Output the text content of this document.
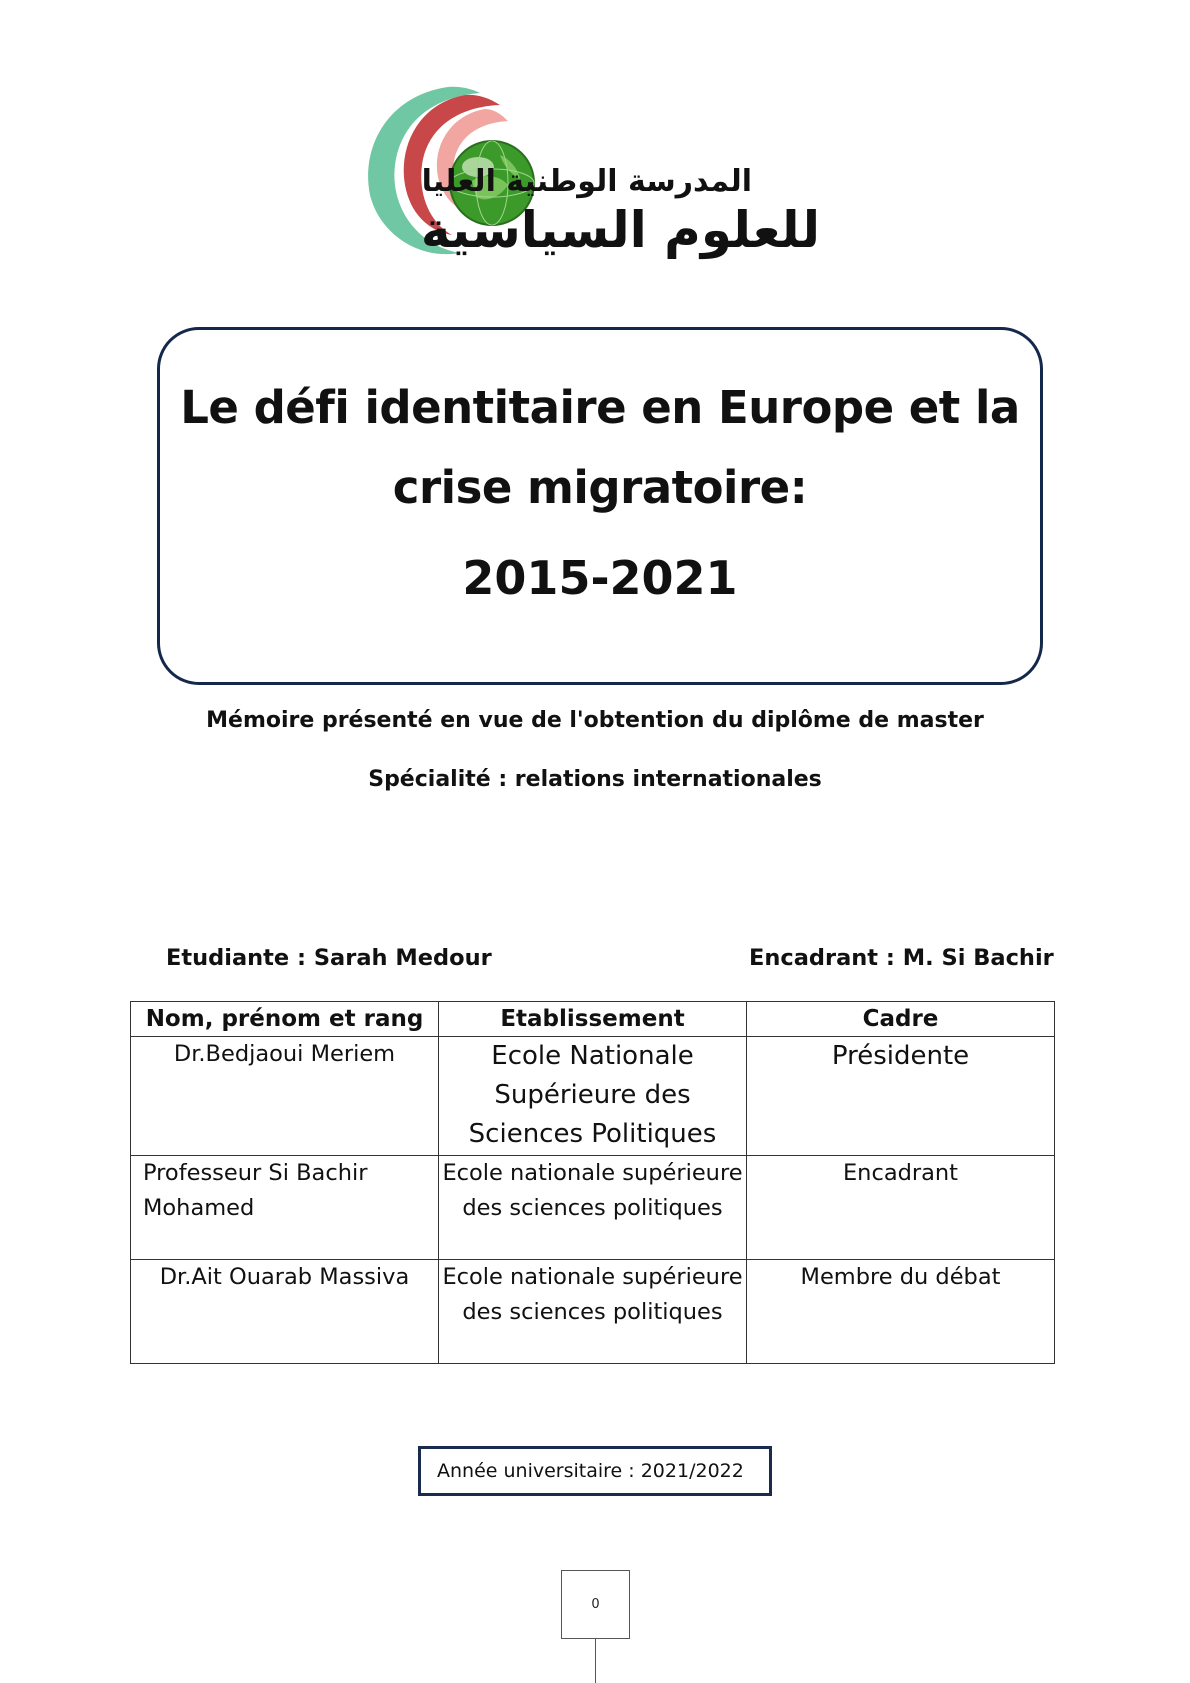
المدرسة الوطنية العليا
للعلوم السياسية
Le défi identitaire en Europe et la
crise migratoire:
2015-2021
Mémoire présenté en vue de l'obtention du diplôme de master
Spécialité : relations internationales
Etudiante : Sarah Medour	Encadrant : M. Si Bachir
Nom, prénom et rang	Etablissement	Cadre
Dr.Bedjaoui Meriem	Ecole Nationale Supérieure des Sciences Politiques	Présidente
Professeur Si Bachir Mohamed	Ecole nationale supérieure des sciences politiques	Encadrant
Dr.Ait Ouarab Massiva	Ecole nationale supérieure des sciences politiques	Membre du débat
Année universitaire : 2021/2022
0
